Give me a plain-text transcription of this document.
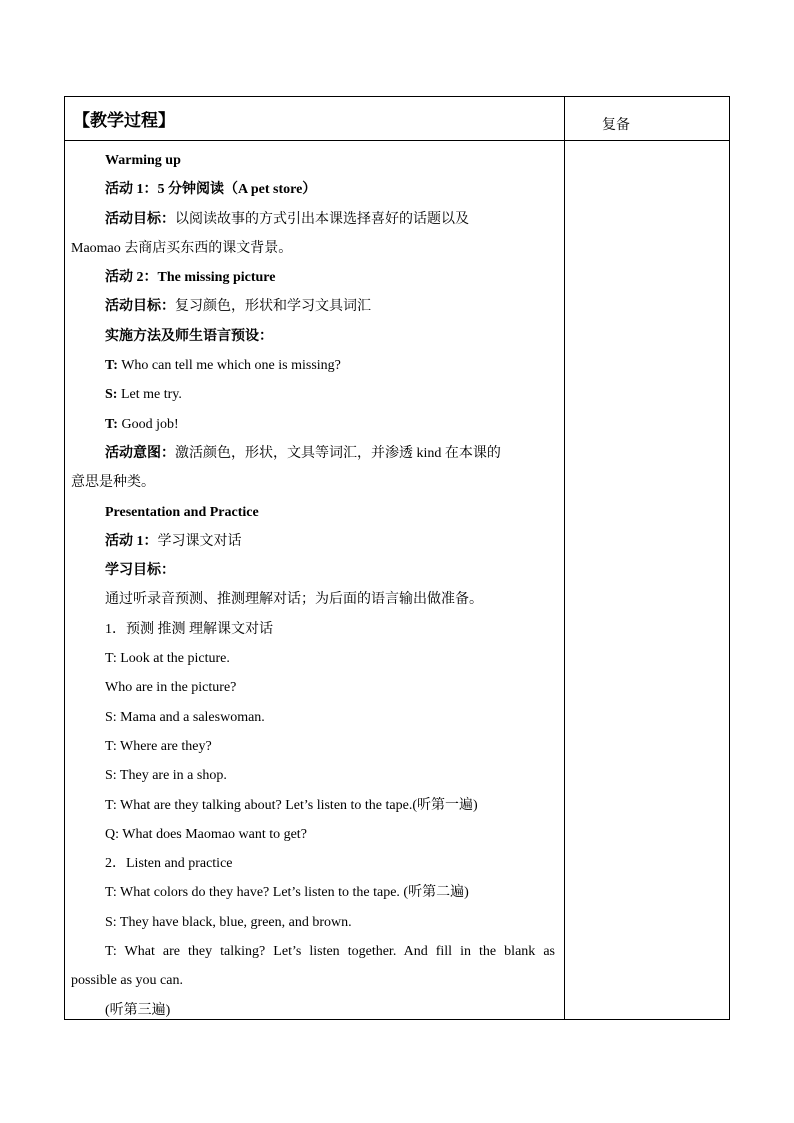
【教学过程】	复备
Warming up
活动 1：5 分钟阅读（A pet store）
活动目标：以阅读故事的方式引出本课选择喜好的话题以及
Maomao 去商店买东西的课文背景。
活动 2：The missing picture
活动目标：复习颜色，形状和学习文具词汇
实施方法及师生语言预设：
T: Who can tell me which one is missing?
S: Let me try.
T: Good job!
活动意图：激活颜色，形状，文具等词汇，并渗透 kind 在本课的
意思是种类。
Presentation and Practice
活动 1：学习课文对话
学习目标：
通过听录音预测、推测理解对话；为后面的语言输出做准备。
1．预测 推测 理解课文对话
T: Look at the picture.
Who are in the picture?
S: Mama and a saleswoman.
T: Where are they?
S: They are in a shop.
T: What are they talking about? Let’s listen to the tape.(听第一遍)
Q: What does Maomao want to get?
2．Listen and practice
T: What colors do they have? Let’s listen to the tape. (听第二遍)
S: They have black, blue, green, and brown.
T: What are they talking? Let’s listen together. And fill in the blank as
possible as you can.
(听第三遍)
